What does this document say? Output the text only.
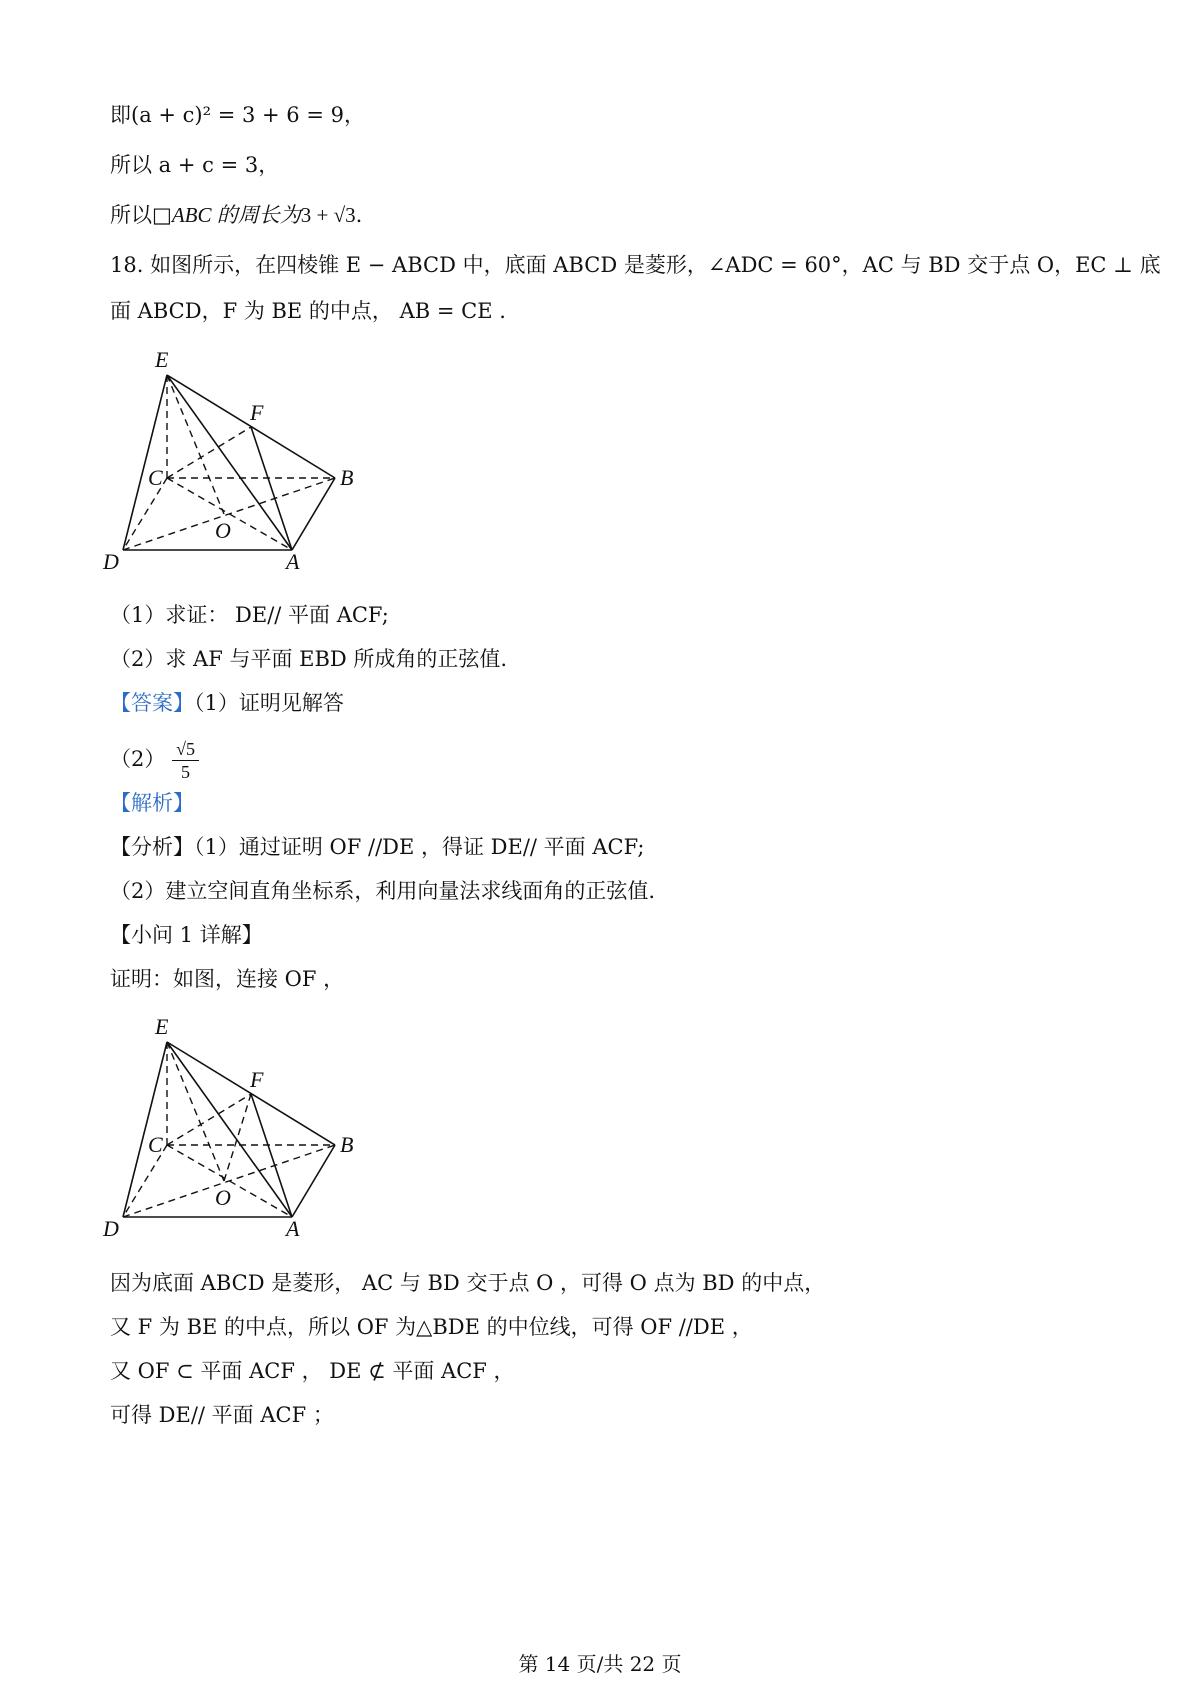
即(a + c)² = 3 + 6 = 9，
所以 a + c = 3，
所以□ABC 的周长为3 + √3.
18. 如图所示，在四棱锥 E − ABCD 中，底面 ABCD 是菱形，∠ADC = 60°，AC 与 BD 交于点 O，EC ⊥ 底
面 ABCD，F 为 BE 的中点， AB = CE .
E
F
B
C
O
D	A
（1）求证： DE// 平面 ACF;
（2）求 AF 与平面 EBD 所成角的正弦值.
【答案】（1）证明见解答
$(2) \frac{√5}{5}$
【解析】
【分析】（1）通过证明 OF //DE ，得证 DE// 平面 ACF;
（2）建立空间直角坐标系，利用向量法求线面角的正弦值.
【小问 1 详解】
证明：如图，连接 OF ，
E
F
B
C
O
D	A
因为底面 ABCD 是菱形， AC 与 BD 交于点 O ，可得 O 点为 BD 的中点，
又 F 为 BE 的中点，所以 OF 为△BDE 的中位线，可得 OF //DE ，
又 OF ⊂ 平面 ACF ， DE ⊄ 平面 ACF ，
可得 DE// 平面 ACF ；
第 14 页/共 22 页
